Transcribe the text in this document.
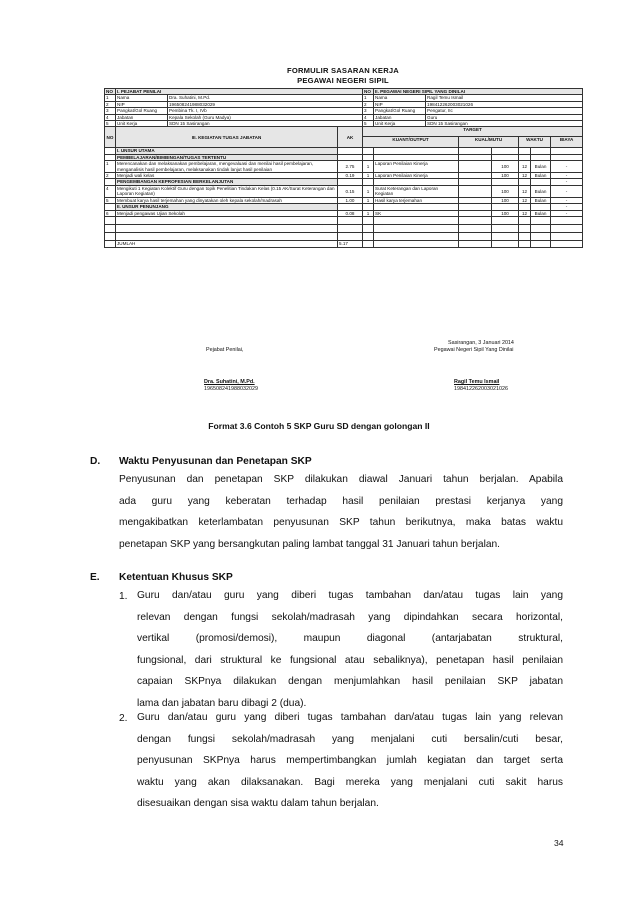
FORMULIR SASARAN KERJA
PEGAWAI NEGERI SIPIL
NO	I. PEJABAT PENILAI			NO	II. PEGAWAI NEGERI SIPIL YANG DINILAI						
1	Nama	Dra. Suhatini, M.Pd.		1	Nama	Ragil Temu Ismail					
2	NIP	196508241988032029		2	NIP	198412262003021026					
3	Pangkat/Gol Ruang	Pembina Tk. I, IVb		3	Pangkat/Gol Ruang	Pengatur, IIc					
4	Jabatan	Kepala Sekolah (Guru Madya)		4	Jabatan	Guru					
5	Unit Kerja	SDN 15 Sasirangan		5	Unit Kerja	SDN 15 Sasirangan					
NO	III. KEGIATAN TUGAS JABATAN		AK	TARGET							
				KUANT/OUTPUT			KUAL/MUTU		WAKTU		BIAYA
	I. UNSUR UTAMA										
	PEMBELAJARAN/BIMBINGAN/TUGAS TERTENTU										
1	Merencanakan dan melaksanakan pembelajaran, mengevaluasi dan menilai hasil pembelajaran, menganalisis hasil pembelajaran, melaksanakan tindak lanjut hasil penilaian		2.75	1	Laporan Penilaian Kinerja			100	12	Bulan	-
2	Menjadi wali kelas		0.19	1	Laporan Penilaian Kinerja			100	12	Bulan	-
	PENGEMBANGAN KEPROFESIAN BERKELANJUTAN										-
4	Mengikuti 1 Kegiatan Kolektif Guru dengan topik Penelitian Tindakan Kelas (0.15 AK/Surat Keterangan dan Laporan Kegiatan)		0.15	1	Surat Keterangan dan Laporan Kegiatan			100	12	Bulan	-
5	Membuat karya hasil terjemahan yang dinyatakan oleh kepala sekolah/madrasah		1.00	1	Hasil karya terjemahan			100	12	Bulan	-
	II. UNSUR PENUNJANG										-
6	Menjadi pengawas Ujian Sekolah		0.08	1	SK			100	12	Bulan	-

	JUMLAH		5.17								
Sasirangan, 3 Januari 2014
Pejabat Penilai,	Pegawai Negeri Sipil Yang Dinilai
Dra. Suhatini, M.Pd.
196508241988032029
Ragil Temu Ismail
198412262003021026
Format 3.6 Contoh 5 SKP Guru SD dengan golongan II
D. Waktu Penyusunan dan Penetapan SKP
Penyusunan dan penetapan SKP dilakukan diawal Januari tahun berjalan. Apabila
ada guru yang keberatan terhadap hasil penilaian prestasi kerjanya yang
mengakibatkan keterlambatan penyusunan SKP tahun berikutnya, maka batas waktu
penetapan SKP yang bersangkutan paling lambat tanggal 31 Januari tahun berjalan.
E. Ketentuan Khusus SKP
1. Guru dan/atau guru yang diberi tugas tambahan dan/atau tugas lain yang
relevan dengan fungsi sekolah/madrasah yang dipindahkan secara horizontal,
vertikal (promosi/demosi), maupun diagonal (antarjabatan struktural,
fungsional, dari struktural ke fungsional atau sebaliknya), penetapan hasil penilaian
capaian SKPnya dilakukan dengan menjumlahkan hasil penilaian SKP jabatan
lama dan jabatan baru dibagi 2 (dua).
2. Guru dan/atau guru yang diberi tugas tambahan dan/atau tugas lain yang relevan
dengan fungsi sekolah/madrasah yang menjalani cuti bersalin/cuti besar,
penyusunan SKPnya harus mempertimbangkan jumlah kegiatan dan target serta
waktu yang akan dilaksanakan. Bagi mereka yang menjalani cuti sakit harus
disesuaikan dengan sisa waktu dalam tahun berjalan.
34
